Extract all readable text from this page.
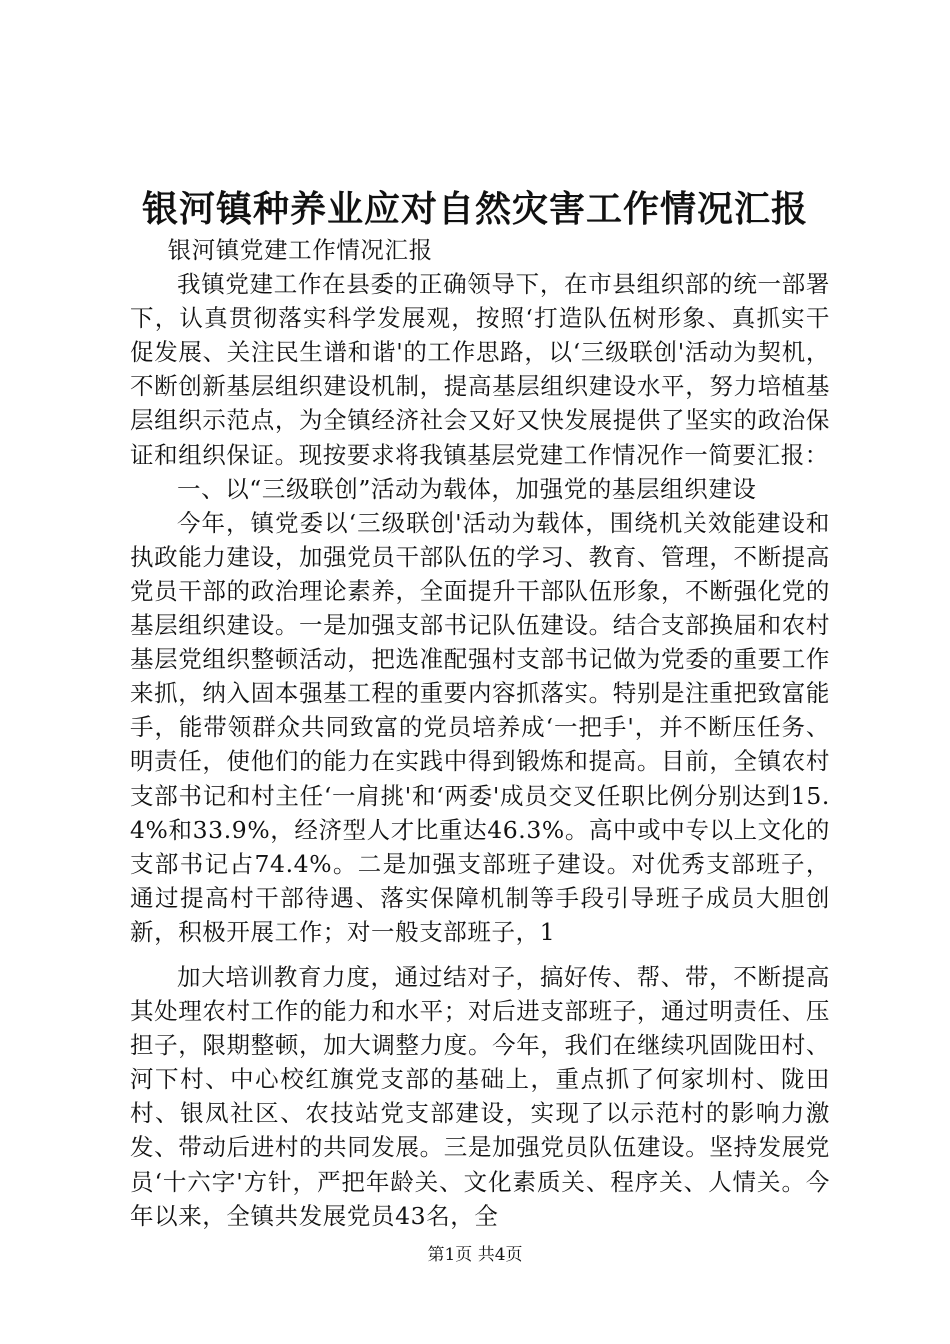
银河镇种养业应对自然灾害工作情况汇报

银河镇党建工作情况汇报

我镇党建工作在县委的正确领导下，在市县组织部的统一部署下，认真贯彻落实科学发展观，按照‘打造队伍树形象、真抓实干促发展、关注民生谱和谐'的工作思路，以‘三级联创'活动为契机，不断创新基层组织建设机制，提高基层组织建设水平，努力培植基层组织示范点，为全镇经济社会又好又快发展提供了坚实的政治保证和组织保证。现按要求将我镇基层党建工作情况作一简要汇报：

一、以“三级联创”活动为载体，加强党的基层组织建设

今年，镇党委以‘三级联创'活动为载体，围绕机关效能建设和执政能力建设，加强党员干部队伍的学习、教育、管理，不断提高党员干部的政治理论素养，全面提升干部队伍形象，不断强化党的基层组织建设。一是加强支部书记队伍建设。结合支部换届和农村基层党组织整顿活动，把选准配强村支部书记做为党委的重要工作来抓，纳入固本强基工程的重要内容抓落实。特别是注重把致富能手，能带领群众共同致富的党员培养成‘一把手'，并不断压任务、明责任，使他们的能力在实践中得到锻炼和提高。目前，全镇农村支部书记和村主任‘一肩挑'和‘两委'成员交叉任职比例分别达到15.4%和33.9%，经济型人才比重达46.3%。高中或中专以上文化的支部书记占74.4%。二是加强支部班子建设。对优秀支部班子，通过提高村干部待遇、落实保障机制等手段引导班子成员大胆创新，积极开展工作；对一般支部班子，1

加大培训教育力度，通过结对子，搞好传、帮、带，不断提高其处理农村工作的能力和水平；对后进支部班子，通过明责任、压担子，限期整顿，加大调整力度。今年，我们在继续巩固陇田村、河下村、中心校红旗党支部的基础上，重点抓了何家圳村、陇田村、银凤社区、农技站党支部建设，实现了以示范村的影响力激发、带动后进村的共同发展。三是加强党员队伍建设。坚持发展党员‘十六字'方针，严把年龄关、文化素质关、程序关、人情关。今年以来，全镇共发展党员43名，全

第1页 共4页
